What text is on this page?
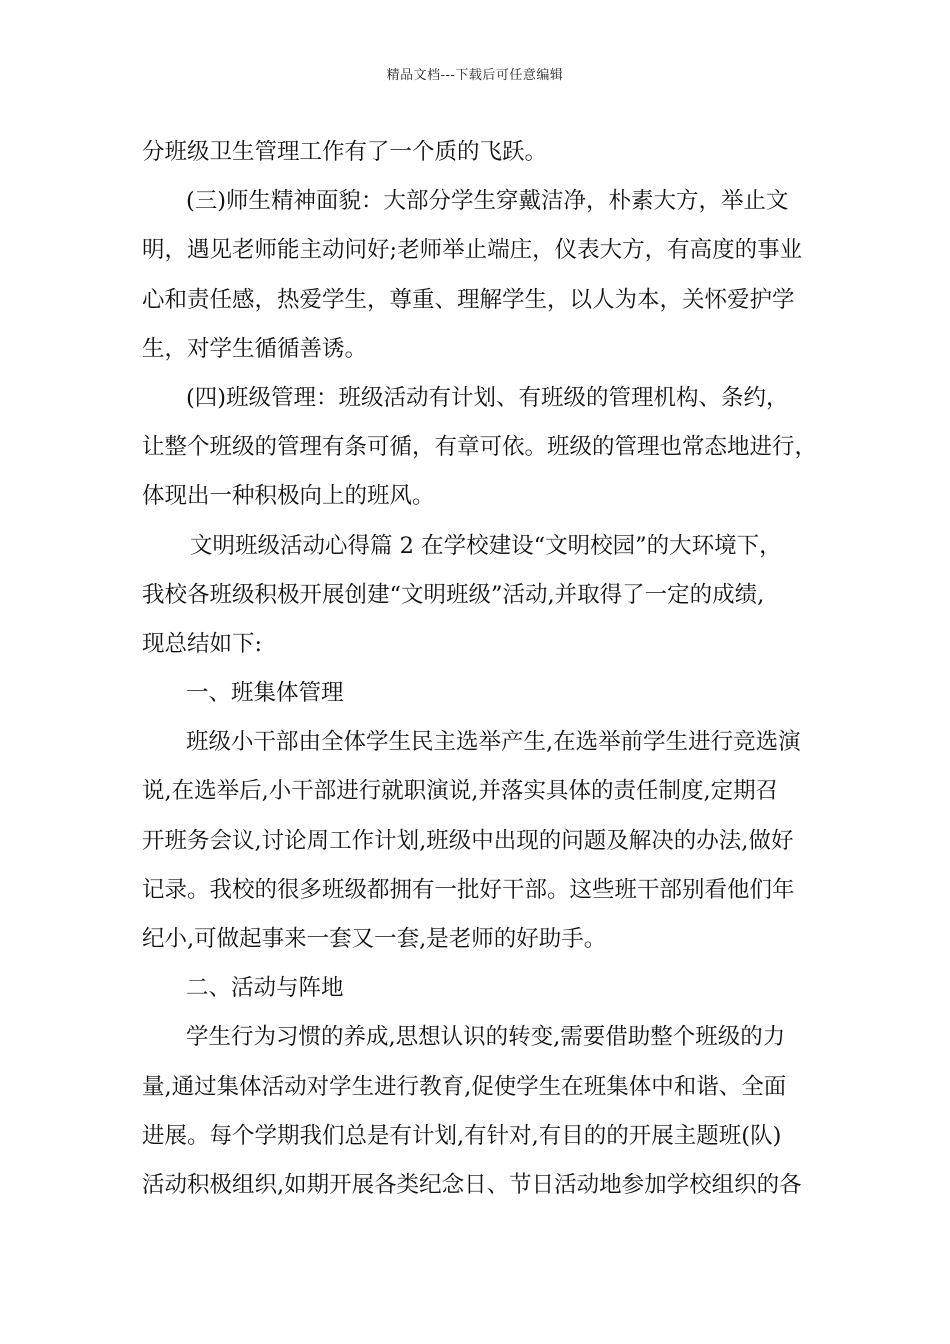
精品文档---下载后可任意编辑
分班级卫生管理工作有了一个质的飞跃。
(三)师生精神面貌：大部分学生穿戴洁净，朴素大方，举止文
明，遇见老师能主动问好;老师举止端庄，仪表大方，有高度的事业
心和责任感，热爱学生，尊重、理解学生，以人为本，关怀爱护学
生，对学生循循善诱。
(四)班级管理：班级活动有计划、有班级的管理机构、条约，
让整个班级的管理有条可循，有章可依。班级的管理也常态地进行，
体现出一种积极向上的班风。
文明班级活动心得篇 2 在学校建设“文明校园”的大环境下，
我校各班级积极开展创建“文明班级”活动,并取得了一定的成绩,
现总结如下:
一、班集体管理
班级小干部由全体学生民主选举产生,在选举前学生进行竞选演
说,在选举后,小干部进行就职演说,并落实具体的责任制度,定期召
开班务会议,讨论周工作计划,班级中出现的问题及解决的办法,做好
记录。我校的很多班级都拥有一批好干部。这些班干部别看他们年
纪小,可做起事来一套又一套,是老师的好助手。
二、活动与阵地
学生行为习惯的养成,思想认识的转变,需要借助整个班级的力
量,通过集体活动对学生进行教育,促使学生在班集体中和谐、全面
进展。每个学期我们总是有计划,有针对,有目的的开展主题班(队)
活动积极组织,如期开展各类纪念日、节日活动地参加学校组织的各
